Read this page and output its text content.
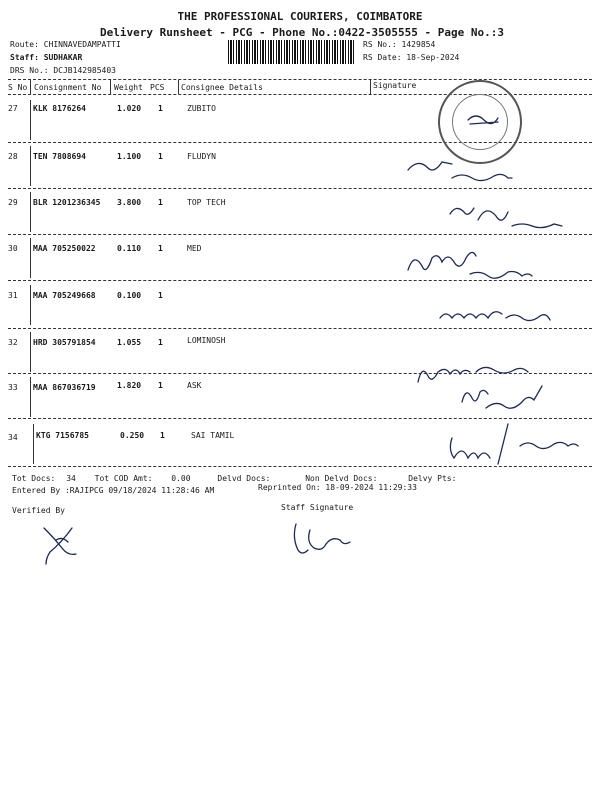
THE PROFESSIONAL COURIERS, COIMBATORE
Delivery Runsheet - PCG - Phone No.:0422-3505555 - Page No.:3
Route: CHINNAVEDAMPATTI
Staff: SUDHAKAR
DRS No.: DCJB142985403
RS No.: 1429854
RS Date: 18-Sep-2024
S No Consignment No Weight PCS Consignee Details	Signature
27 KLK 8176264	1.020 1	ZUBITO
28 TEN 7808694	1.100 1	FLUDYN
29 BLR 1201236345 3.800 1	TOP TECH
30 MAA 705250022	0.110 1	MED
31 MAA 705249668	0.100 1
32 HRD 305791854	1.055 1	LOMINOSH
33 MAA 867036719	1.820 1	ASK
34 KTG 7156785	0.250 1	SAI TAMIL
Tot Docs: 34 Tot COD Amt: 0.00	Delvd Docs:	Non Delvd Docs:	Delvy Pts:
Entered By :RAJIPCG 09/18/2024 11:28:46 AM	Reprinted On: 18-09-2024 11:29:33
Verified By	Staff Signature
